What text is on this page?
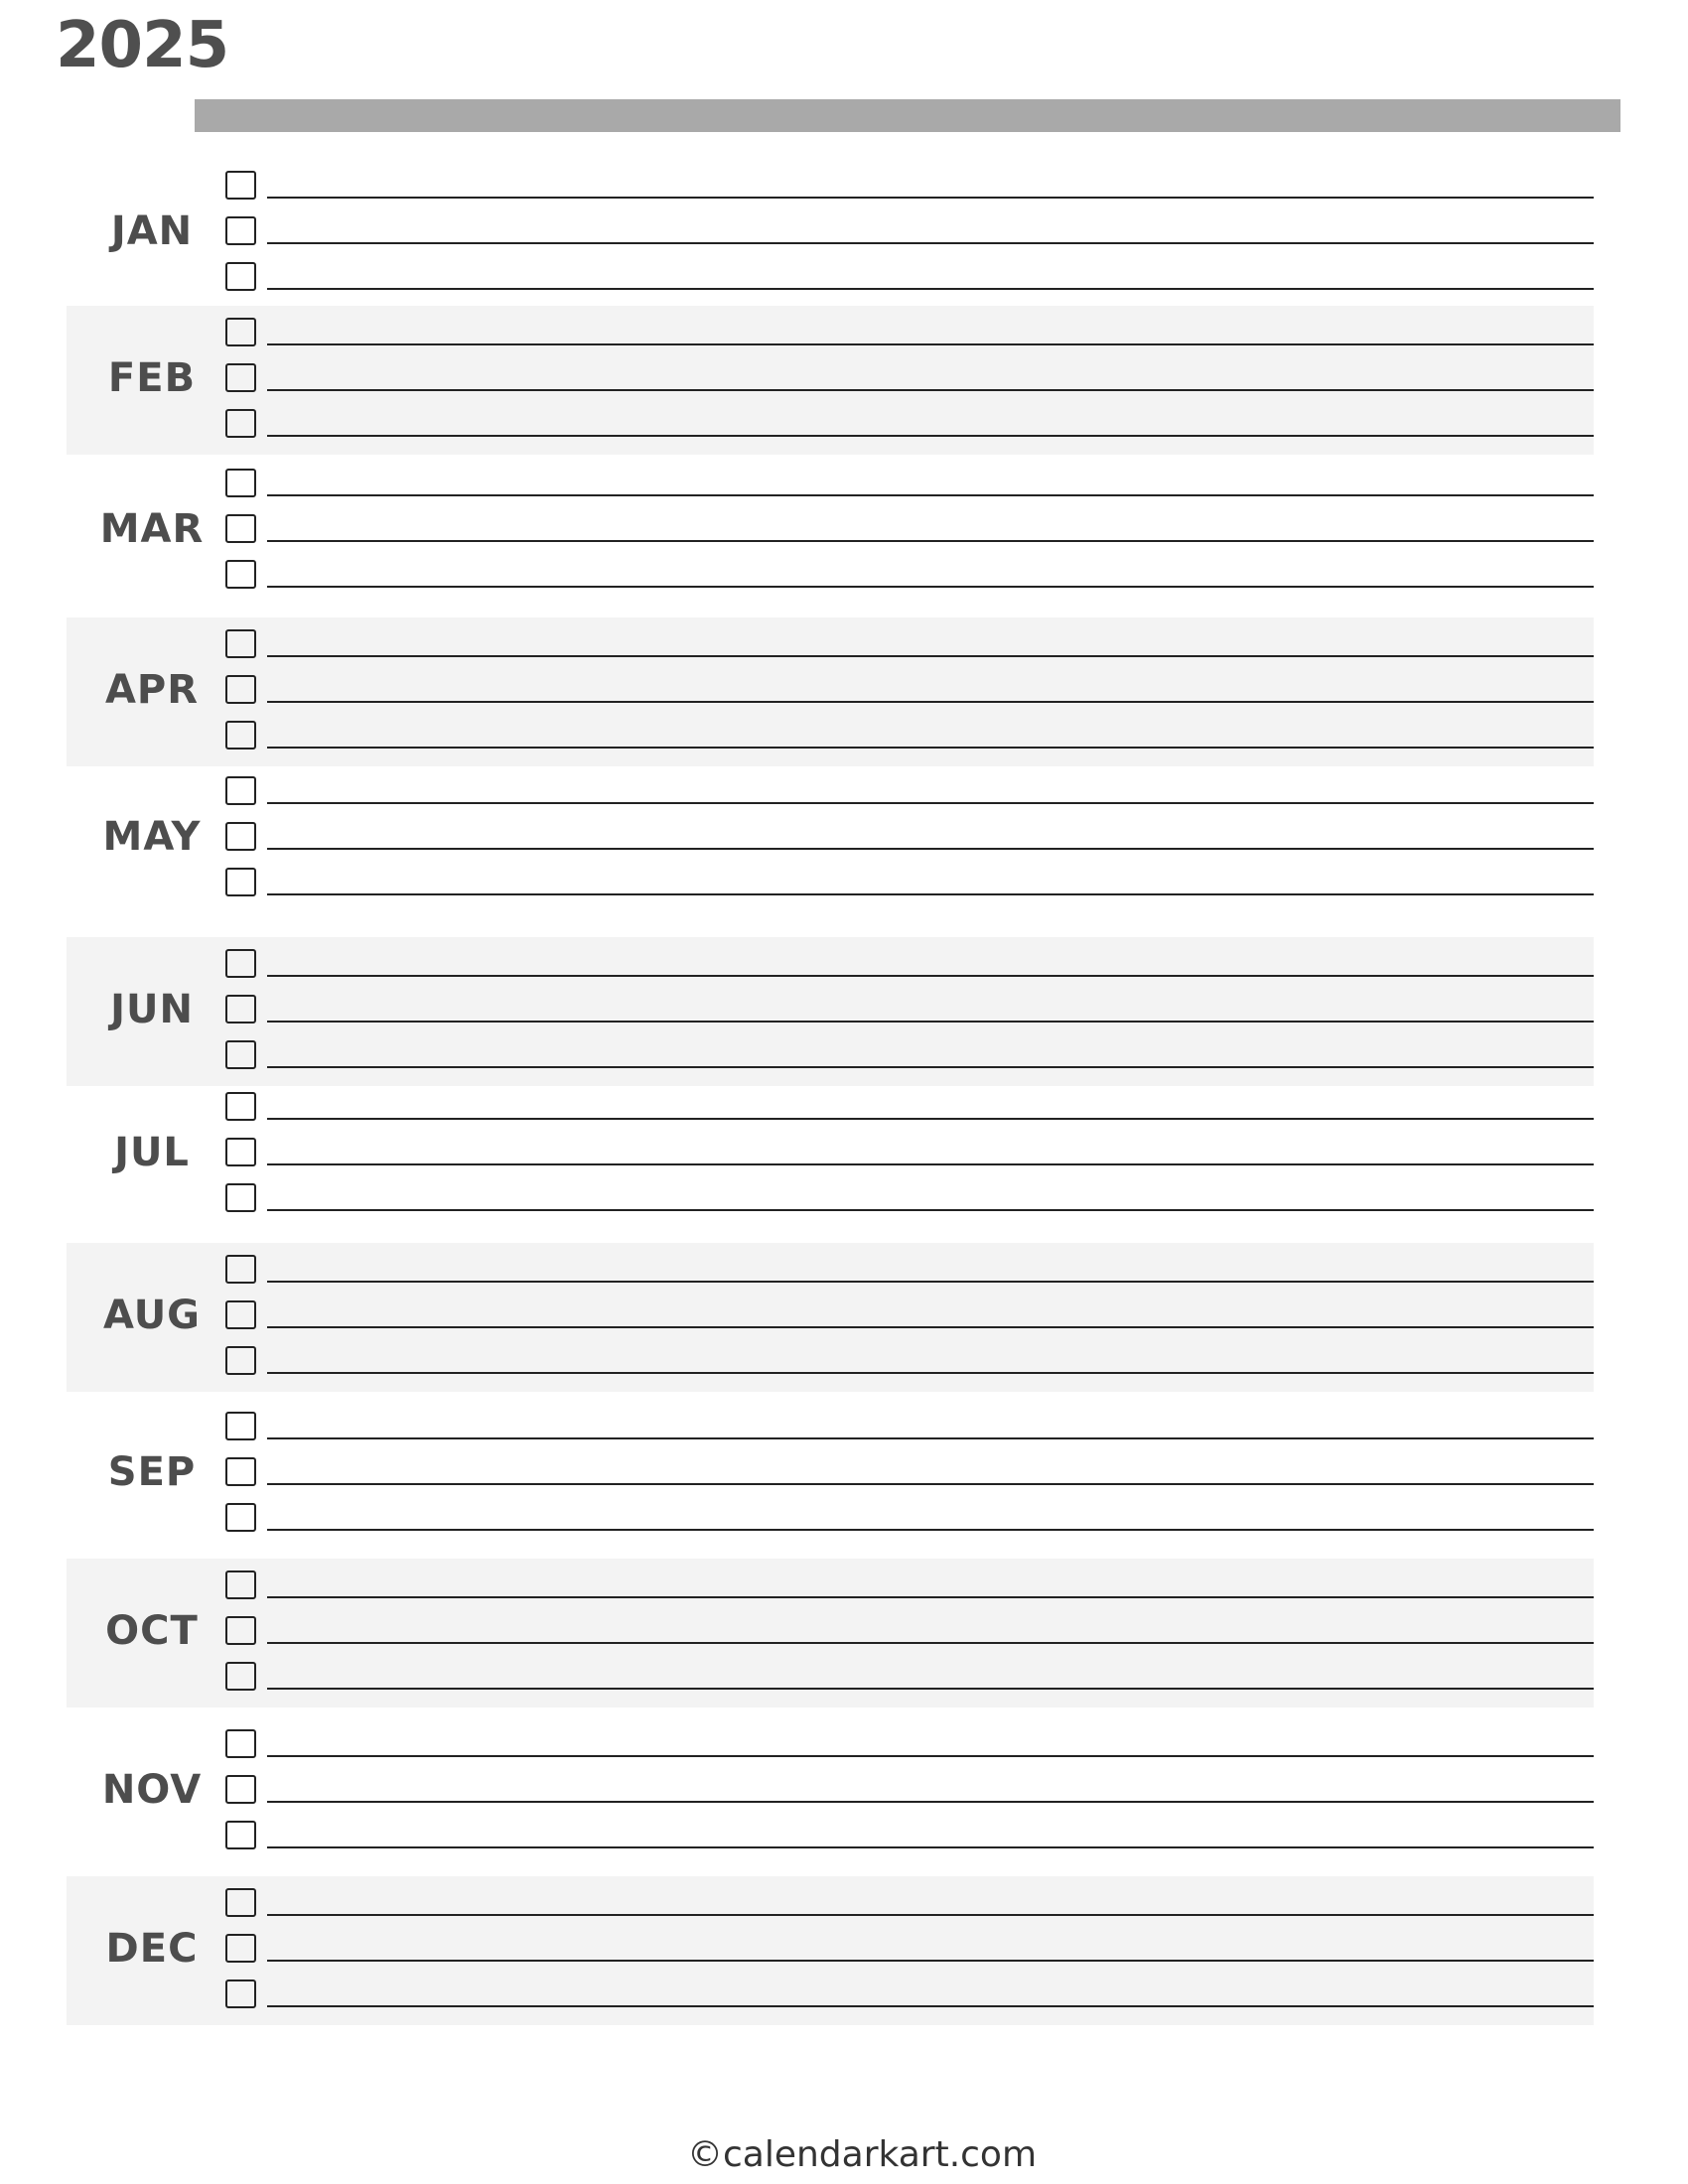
2025
JAN
FEB
MAR
APR
MAY
JUN
JUL
AUG
SEP
OCT
NOV
DEC
©calendarkart.com
